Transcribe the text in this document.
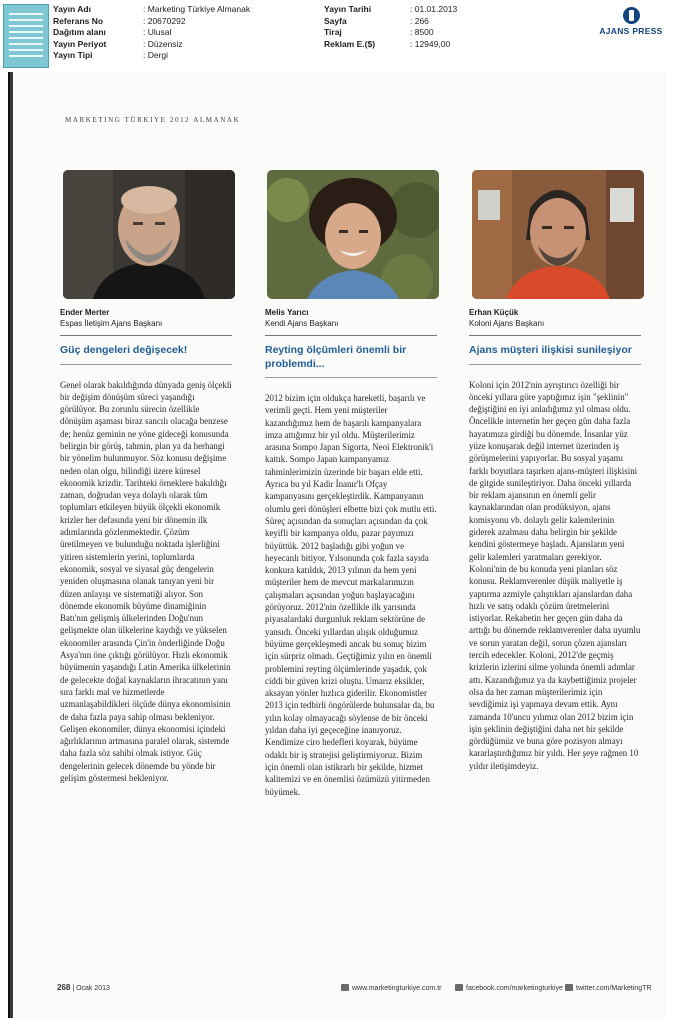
Yayın Adı	: Marketing Türkiye Almanak
Referans No	: 20670292
Dağıtım alanı	: Ulusal
Yayın Periyot	: Düzensiz
Yayın Tipi	: Dergi
Yayın Tarihi	: 01.01.2013
Sayfa	: 266
Tiraj	: 8500
Reklam E.($)	: 12949,00
AJANS PRESS
MARKETING TÜRKIYE 2012 ALMANAK
Ender Merter
Espas İletişim Ajans Başkanı
Güç dengeleri değişecek!
Genel olarak bakıldığında dünyada geniş ölçekli bir değişim dönüşüm süreci yaşandığı görülüyor. Bu zorunlu sürecin özellikle dönüşüm aşaması biraz sancılı olacağa benzese de; henüz geminin ne yöne gideceği konusunda belirgin bir görüş, tahmin, plan ya da herhangi bir yönelim bulunmuyor. Söz konusu değişime neden olan olgu, bilindiği üzere küresel ekonomik krizdir. Tarihteki örneklere bakıldığı zaman, doğrudan veya dolaylı olarak tüm toplumları etkileyen büyük ölçekli ekonomik krizler her defasında yeni bir dönemin ilk adımlarında gözlenmektedir. Çözüm üretilmeyen ve bulunduğu noktada işlerliğini yitiren sistemlerin yerini, toplumlarda ekonomik, sosyal ve siyasal güç dengelerin yeniden oluşmasına olanak tanıyan yeni bir düzen anlayışı ve sistematiği alıyor. Son dönemde ekonomik büyüme dinamiğinin Batı'nın gelişmiş ülkelerinden Doğu'nun gelişmekte olan ülkelerine kaydığı ve yükselen ekonomiler arasında Çin'in önderliğinde Doğu Asya'nın öne çıktığı görülüyor. Hızlı ekonomik büyümenin yaşandığı Latin Amerika ülkelerinin de gelecekte doğal kaynakların ihracatının yanı sıra farklı mal ve hizmetlerde uzmanlaşabildikleri ölçüde dünya ekonomisinin de daha fazla paya sahip olması bekleniyor. Gelişen ekonomiler, dünya ekonomisi içindeki ağırlıklarının artmasına paralel olarak, sistemde daha fazla söz sahibi olmak istiyor. Güç dengelerinin gelecek dönemde bu yönde bir gelişim göstermesi bekleniyor.
Melis Yarıcı
Kendi Ajans Başkanı
Reyting ölçümleri önemli bir problemdi...
2012 bizim için oldukça hareketli, başarılı ve verimli geçti. Hem yeni müşteriler kazandığımız hem de başarılı kampanyalara imza attığımız bir yıl oldu. Müşterilerimiz arasına Sompo Japan Sigorta, Neoi Elektronik'i kattık. Sompo Japan kampanyamız tahminlerimizin üzerinde bir başarı elde etti. Ayrıca bu yıl Kadir İnanır'lı Ofçay kampanyasını gerçekleştirdik. Kampanyanın olumlu geri dönüşleri elbette bizi çok mutlu etti. Süreç açısından da sonuçları açısından da çok keyifli bir kampanya oldu, pazar payımızı büyüttük. 2012 başladığı gibi yoğun ve heyecanlı bitiyor. Yılsonunda çok fazla sayıda konkura katıldık, 2013 yılının da hem yeni müşteriler hem de mevcut markalarımızın çalışmaları açısından yoğun başlayacağını görüyoruz. 2012'nin özellikle ilk yarısında piyasalardaki durgunluk reklam sektörüne de yansıdı. Önceki yıllardan alışık olduğumuz büyüme gerçekleşmedi ancak bu sonuç bizim için sürpriz olmadı. Geçtiğimiz yılın en önemli problemini reyting ölçümlerinde yaşadık, çok ciddi bir güven krizi oluştu. Umarız eksikler, aksayan yönler hızlıca giderilir. Ekonomistler 2013 için tedbirli öngörülerde bulunsalar da, bu yılın kolay olmayacağı söylense de bir önceki yıldan daha iyi geçeceğine inanıyoruz. Kendimize ciro hedefleri koyarak, büyüme odaklı bir iş stratejisi geliştirmiyoruz. Bizim için önemli olan istikrarlı bir şekilde, hizmet kalitemizi ve en önemlisi özümüzü yitirmeden büyümek.
Erhan Küçük
Koloni Ajans Başkanı
Ajans müşteri ilişkisi sunileşiyor
Koloni için 2012'nin ayrıştırıcı özelliği bir önceki yıllara göre yaptığımız işin "şeklinin" değiştiğini en iyi anladığımız yıl olması oldu. Öncelikle internetin her geçen gün daha fazla hayatımıza girdiği bu dönemde. İnsanlar yüz yüze konuşarak değil internet üzerinden iş görüşmelerini yapıyorlar. Bu sosyal yaşamı farklı boyutlara taşırken ajans-müşteri ilişkisini de gitgide sunileştiriyor. Daha önceki yıllarda bir reklam ajansının en önemli gelir kaynaklarından olan prodüksiyon, ajans komisyonu vb. dolaylı gelir kalemlerinin giderek azalması daha belirgin bir şekilde kendini göstermeye başladı. Ajansların yeni gelir kalemleri yaratmaları gerekiyor. Koloni'nin de bu konuda yeni planları söz konusu. Reklamverenler düşük maliyetle iş yaptırma azmiyle çalıştıkları ajanslardan daha hızlı ve satış odaklı çözüm üretmelerini istiyorlar. Rekabetin her geçen gün daha da arttığı bu dönemde reklamverenler daha uyumlu ve sorun yaratan değil, sorun çözen ajansları tercih edecekler. Koloni, 2012'de geçmiş krizlerin izlerini silme yolunda önemli adımlar attı. Kazandığımız ya da kaybettiğimiz projeler olsa da her zaman müşterilerimiz için sevdiğimiz işi yapmaya devam ettik. Aynı zamanda 10'uncu yılımız olan 2012 bizim için işin şeklinin değiştiğini daha net bir şekilde gördüğümüz ve buna göre pozisyon almayı kararlaştırdığımız bir yıldı. Her şeye rağmen 10 yıldır iletişimdeyiz.
268 | Ocak 2013	www.marketingturkiye.com.tr	facebook.com/marketingturkiye	twitter.com/MarketingTR
